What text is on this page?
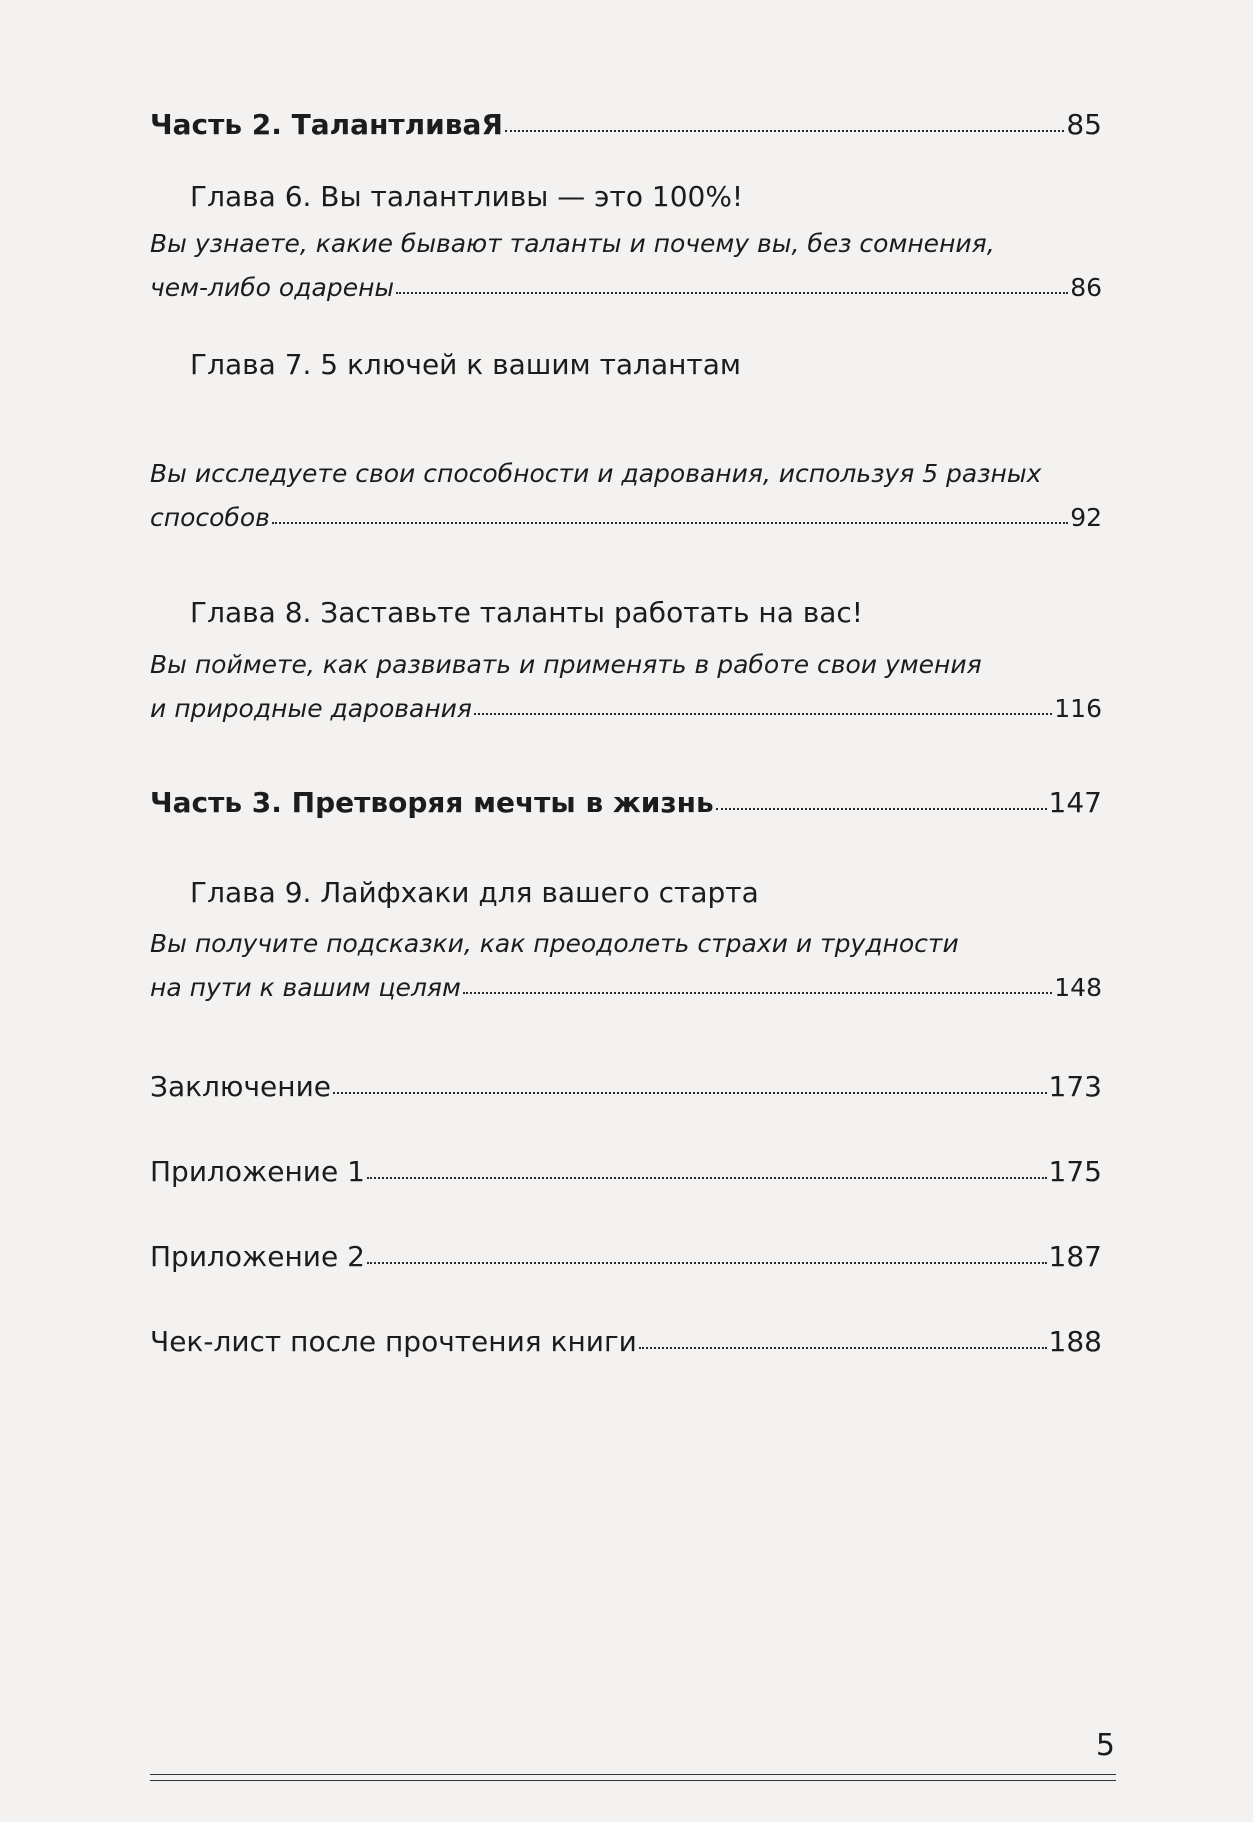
Часть 2. ТалантливаЯ	85
Глава 6. Вы талантливы — это 100%!
Вы узнаете, какие бывают таланты и почему вы, без сомнения,
чем-либо одарены	86
Глава 7. 5 ключей к вашим талантам
Вы исследуете свои способности и дарования, используя 5 разных
способов	92
Глава 8. Заставьте таланты работать на вас!
Вы поймете, как развивать и применять в работе свои умения
и природные дарования	116
Часть 3. Претворяя мечты в жизнь	147
Глава 9. Лайфхаки для вашего старта
Вы получите подсказки, как преодолеть страхи и трудности
на пути к вашим целям	148
Заключение	173
Приложение 1	175
Приложение 2	187
Чек-лист после прочтения книги	188
5
